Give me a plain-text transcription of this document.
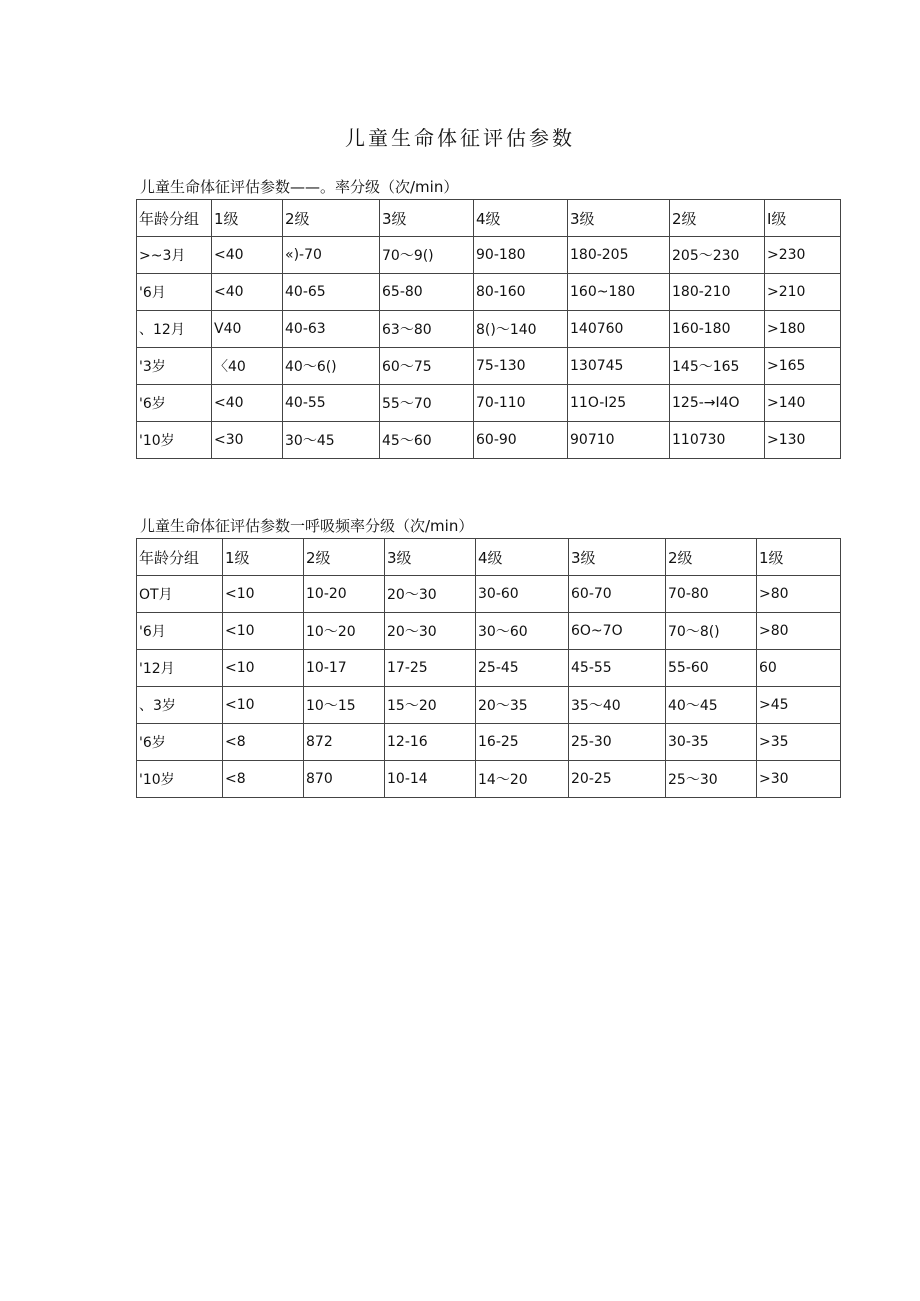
儿童生命体征评估参数
儿童生命体征评估参数——。率分级（次/min）
年龄分组	1级	2级	3级	4级	3级	2级	I级
>~3月	<40	«)-70	70～9()	90-180	180-205	205～230	>230
'6月	<40	40-65	65-80	80-160	160~180	180-210	>210
、12月	V40	40-63	63～80	8()～140	140760	160-180	>180
'3岁	〈40	40～6()	60～75	75-130	130745	145～165	>165
'6岁	<40	40-55	55～70	70-110	11O-I25	125-→I4O	>140
'10岁	<30	30～45	45～60	60-90	90710	110730	>130
儿童生命体征评估参数一呼吸频率分级（次/min）
年龄分组	1级	2级	3级	4级	3级	2级	1级
OT月	<10	10-20	20～30	30-60	60-70	70-80	>80
'6月	<10	10～20	20～30	30～60	6O~7O	70～8()	>80
'12月	<10	10-17	17-25	25-45	45-55	55-60	60
、3岁	<10	10～15	15～20	20～35	35～40	40～45	>45
'6岁	<8	872	12-16	16-25	25-30	30-35	>35
'10岁	<8	870	10-14	14～20	20-25	25～30	>30
